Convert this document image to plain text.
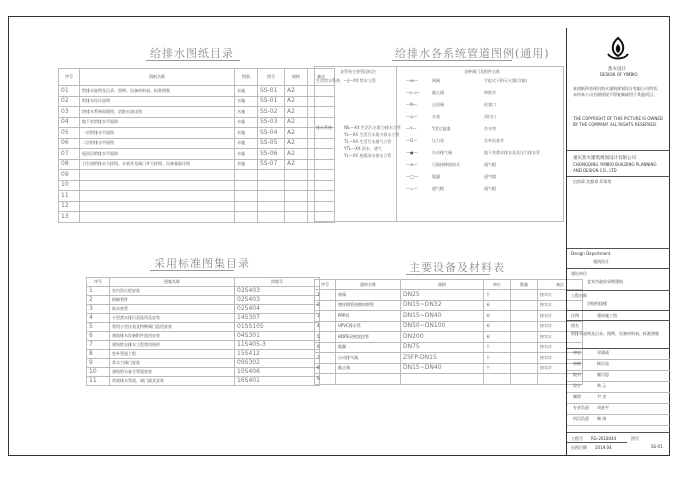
给排水图纸目录
序号	图纸名称	图别	图号	规格	备注
01	给排水说明及目录、图例、设备材料表、标准图集	水施	SS-01	A2	
02	给排水设计说明	水施	SS-01	A2	
03	给排水系统原理图、消防水池详图	水施	SS-02	A2	
04	地下室给排水平面图	水施	SS-03	A2	
05	一层给排水平面图	水施	SS-04	A2	
06	二层给排水平面图	水施	SS-05	A2	
07	屋顶层给排水平面图	水施	SS-06	A2	
08	卫生间给排水大样图、水表井及阀门井大样图、设备基础详图	水施	SS-07	A2	
09					
10					
11					
12					
13					
给排水各系统管道图例(通用)
各系统主要管段标注	各种阀门及附件名称
生活给水系统 —J—XX 给水立管
排水系统	WL—XX 生活污水重力排水立管
YL—XX 生活污水重力排水立管
TL—XX 生活污水通气立管
YTL—XX 雨水、通气
YL—XX 屋面雨水排水立管
—⋈—	闸阀	手提式干粉灭火器(含箱)
—▷◁—	截止阀	伸缩节
—N—	止回阀	检查口
—◎—	水表	清扫口
—Y—	Y型过滤器	存水弯
—O—	压力表	室外检查井
—●—	自动排气阀	地下室潜水排水泵及压力排水管
—⊗—	可曲挠橡胶接头	通气帽
—◯—	地漏	通气帽
—⊥—	通气帽	通气帽
采用标准图集目录
序号	图集名称	图集号
1	室内消火栓安装	02S403
2	钢制管件	02S403
3	防水套管	02S404
4	小型潜水排污泵选用及安装	14S307
5	常用小型仪表及特种阀门选用安装	01SS105
6	建筑排水设备附件选用安装	04S301
7	建筑给水排水工程常用图形	11S405-3
8	室外管道工程	15S412
9	常水力阀门安装	09S302
10	建筑给水复合管道安装	10S406
11	常规排水管道、阀门器具安装	16S401
主要设备及材料表
序号	器材名称	规格	单位	数量	备注
1	闸阀	DN25	个		按实计
2	镀锌钢管热镀锌钢管	DN15~DN32	米		按实计
3	PPR管	DN15~DN40	米		按实计
4	UPVC排水管	DN50~DN100	米		按实计
5	HDPE双壁波纹管	DN200	米		按实计
6	地漏	DN75	个		按实计
7	自动排气阀	ZSFP-DN15	个		按实计
8	截止阀	DN15~DN40	个		按实计
9					
焦火设计
DESIGN OF YIMBIO
本图纸所有权归焦火建筑规划设计有限公司所有，未经本公司书面授权不得复制或用于其他项目。
THE COPYRIGHT OF THIS PICTURE IS OWNED BY THE COMPANY. ALL RIGHTS RESERVED.
重庆焦火建筑规划设计有限公司
CHONGQING YIMBIO BUILDING PLANNING AND DESIGN CO., LTD
出图章 注册章 印章用
Design Department
建筑设计
建设单位
宜宾市政府采购建筑
工程名称
学校科技楼
比例	建筑施工图
图名
给排水说明及目录、图例、设备材料表、标准图集
审定	邓建成
审核	杨宗良
校对	谢可思
设计	黄 云
制图	尹 杰
专业负责 刘金平
项目负责 韩 涛
工程号 RG-2018044	图号
SS-01
出图日期 2019.04
